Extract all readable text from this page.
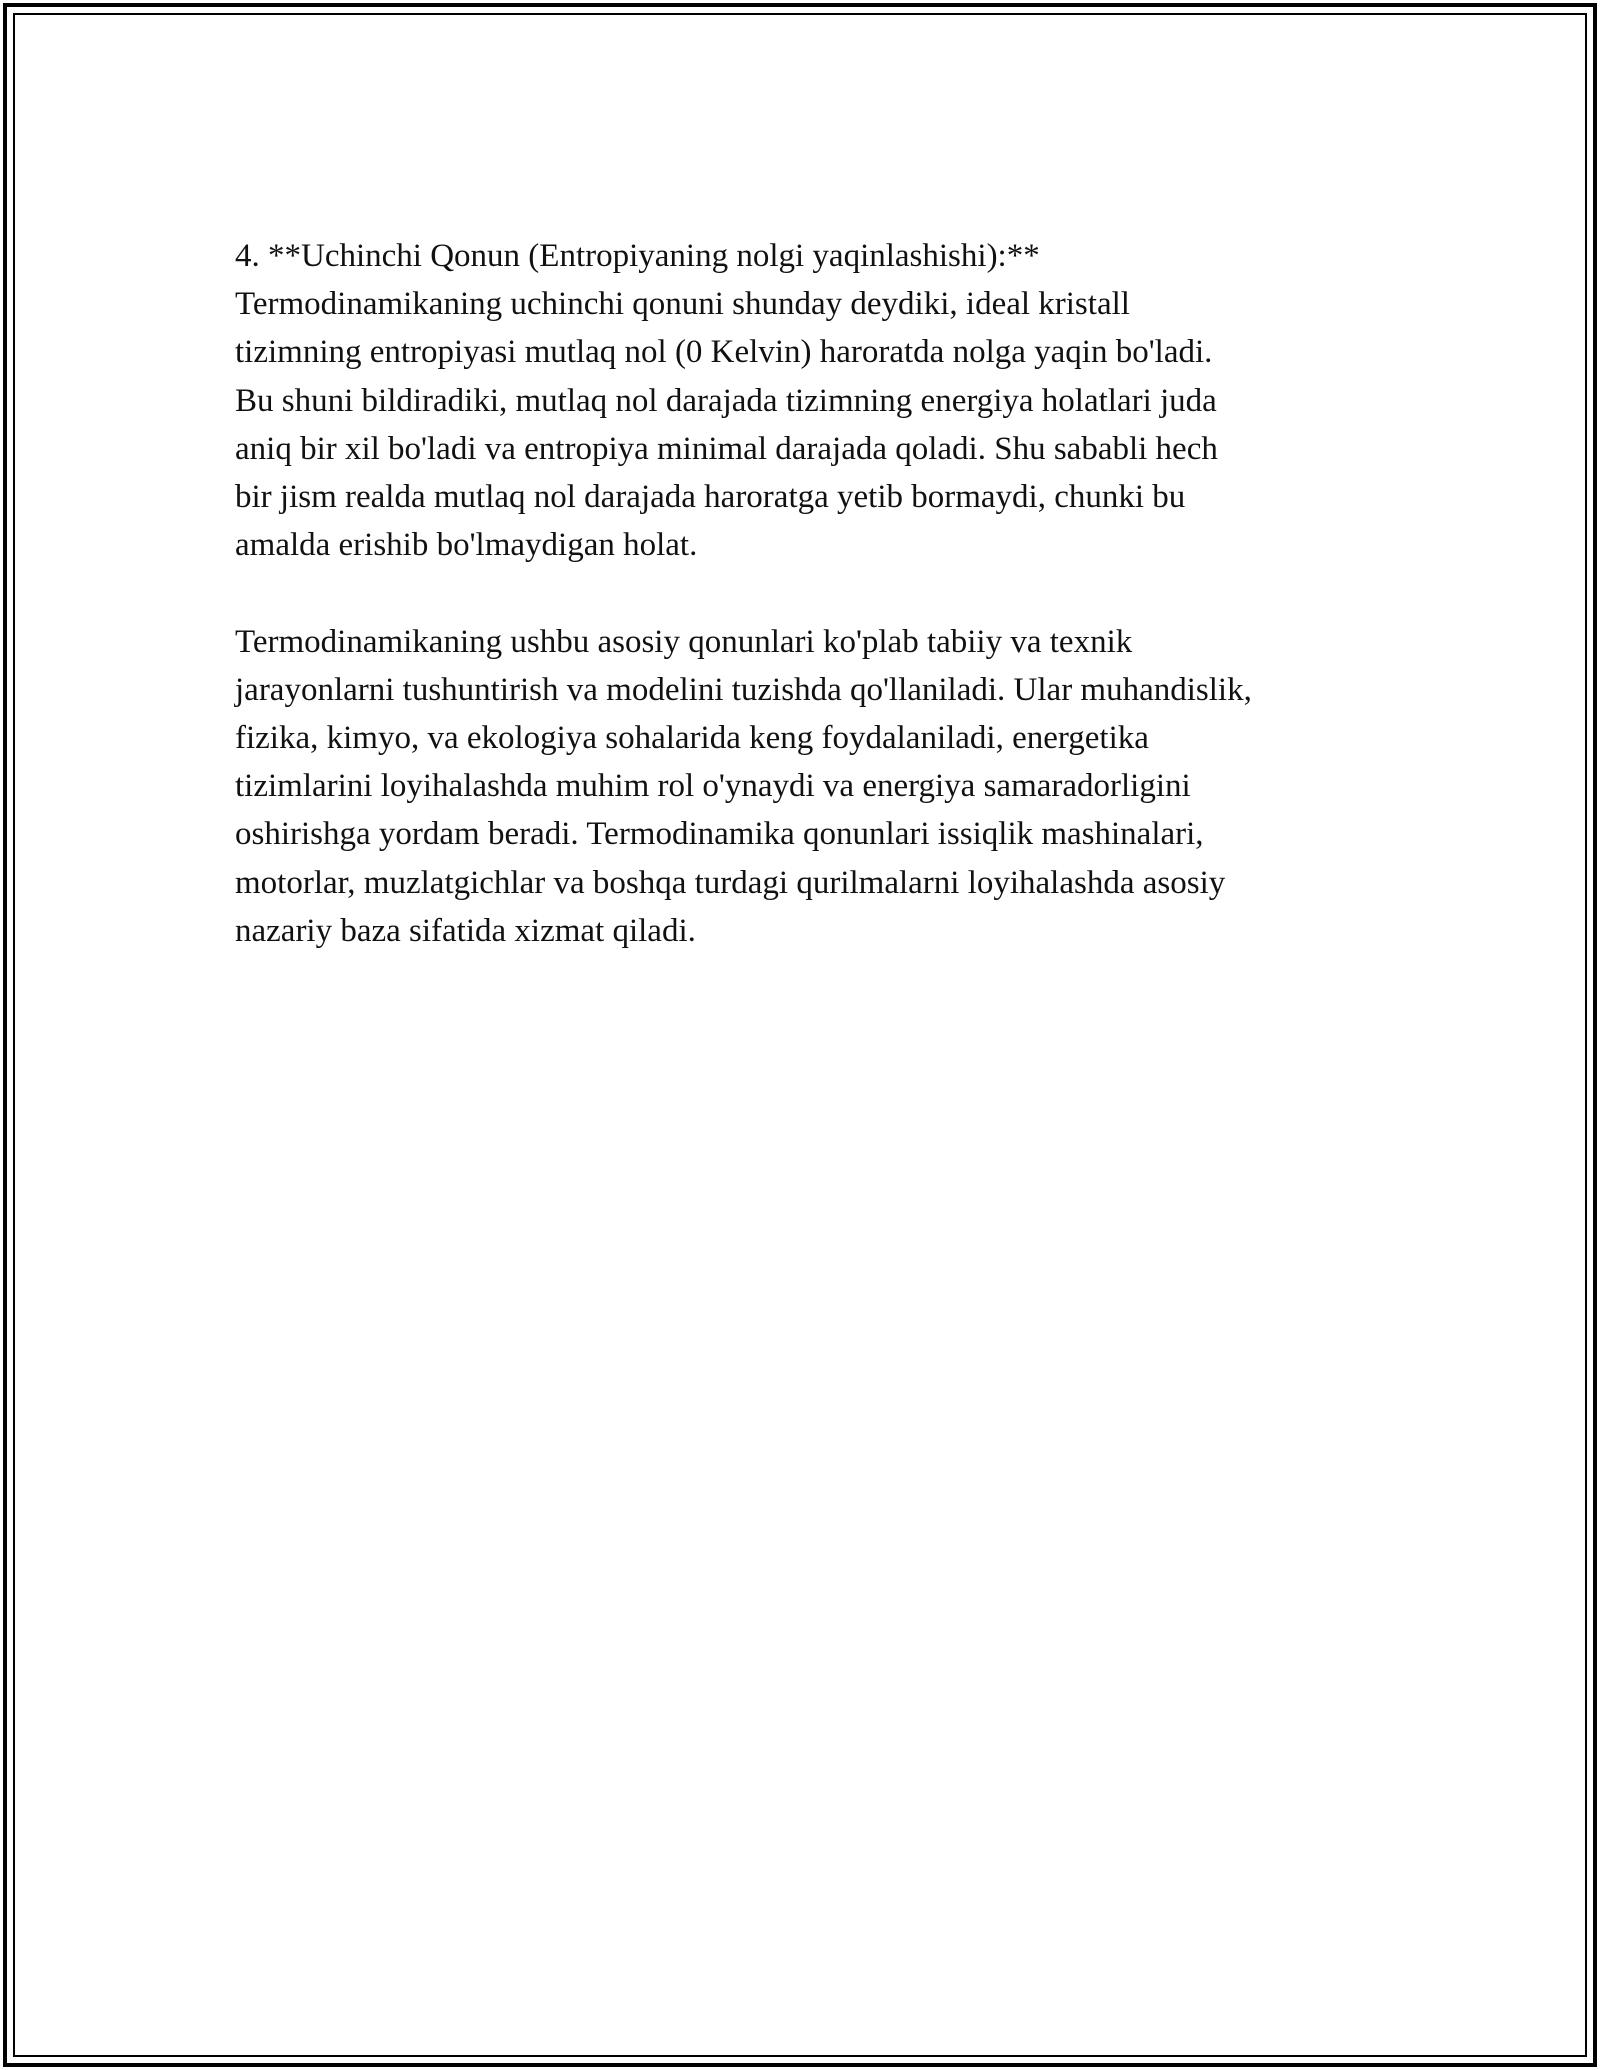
4. **Uchinchi Qonun (Entropiyaning nolgi yaqinlashishi):**
Termodinamikaning uchinchi qonuni shunday deydiki, ideal kristall
tizimning entropiyasi mutlaq nol (0 Kelvin) haroratda nolga yaqin bo'ladi.
Bu shuni bildiradiki, mutlaq nol darajada tizimning energiya holatlari juda
aniq bir xil bo'ladi va entropiya minimal darajada qoladi. Shu sababli hech
bir jism realda mutlaq nol darajada haroratga yetib bormaydi, chunki bu
amalda erishib bo'lmaydigan holat.
Termodinamikaning ushbu asosiy qonunlari ko'plab tabiiy va texnik
jarayonlarni tushuntirish va modelini tuzishda qo'llaniladi. Ular muhandislik,
fizika, kimyo, va ekologiya sohalarida keng foydalaniladi, energetika
tizimlarini loyihalashda muhim rol o'ynaydi va energiya samaradorligini
oshirishga yordam beradi. Termodinamika qonunlari issiqlik mashinalari,
motorlar, muzlatgichlar va boshqa turdagi qurilmalarni loyihalashda asosiy
nazariy baza sifatida xizmat qiladi.
